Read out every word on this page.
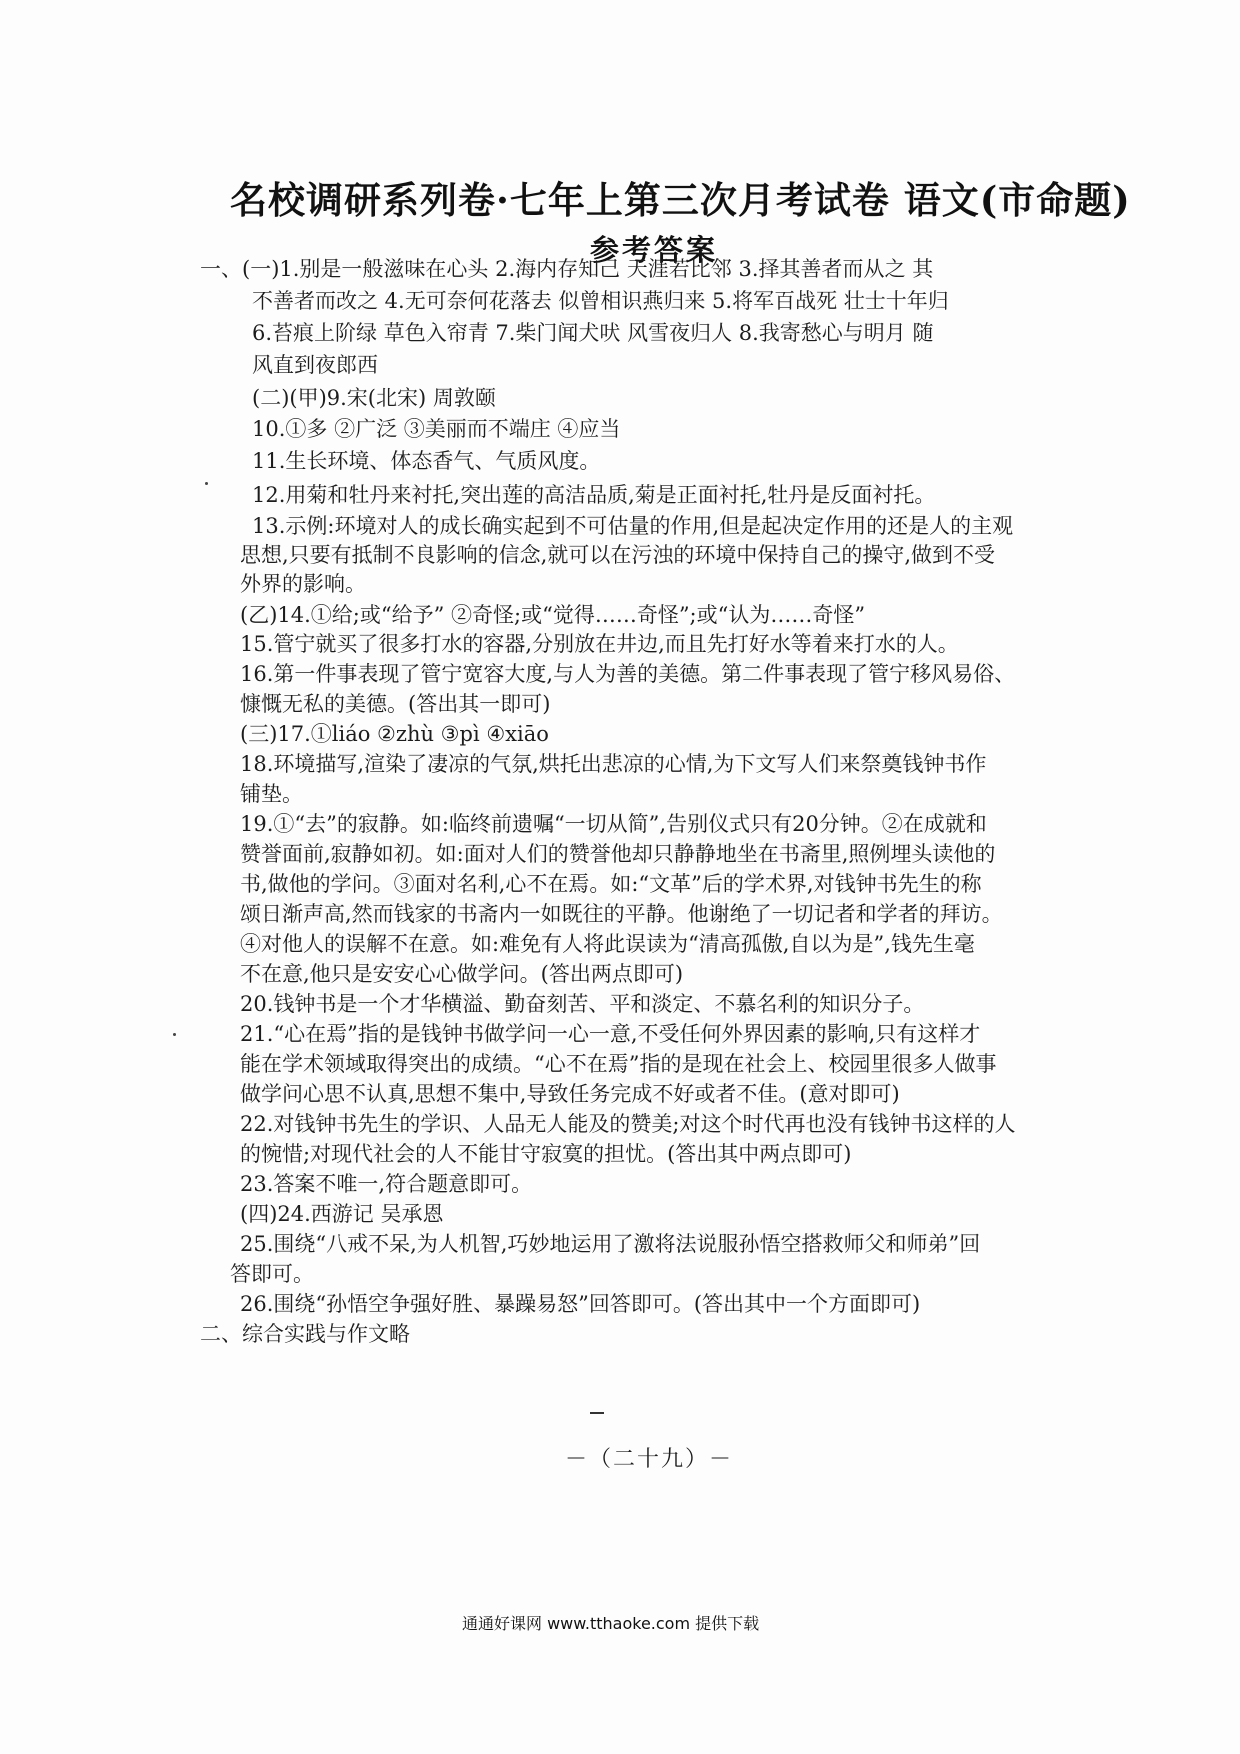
名校调研系列卷·七年上第三次月考试卷 语文(市命题)
参考答案
一、(一)1.别是一般滋味在心头 2.海内存知己 天涯若比邻 3.择其善者而从之 其
不善者而改之 4.无可奈何花落去 似曾相识燕归来 5.将军百战死 壮士十年归
6.苔痕上阶绿 草色入帘青 7.柴门闻犬吠 风雪夜归人 8.我寄愁心与明月 随
风直到夜郎西
(二)(甲)9.宋(北宋) 周敦颐
10.①多 ②广泛 ③美丽而不端庄 ④应当
11.生长环境、体态香气、气质风度。
12.用菊和牡丹来衬托,突出莲的高洁品质,菊是正面衬托,牡丹是反面衬托。
13.示例:环境对人的成长确实起到不可估量的作用,但是起决定作用的还是人的主观
思想,只要有抵制不良影响的信念,就可以在污浊的环境中保持自己的操守,做到不受
外界的影响。
(乙)14.①给;或“给予” ②奇怪;或“觉得……奇怪”;或“认为……奇怪”
15.管宁就买了很多打水的容器,分别放在井边,而且先打好水等着来打水的人。
16.第一件事表现了管宁宽容大度,与人为善的美德。第二件事表现了管宁移风易俗、
慷慨无私的美德。(答出其一即可)
(三)17.①liáo ②zhù ③pì ④xiāo
18.环境描写,渲染了凄凉的气氛,烘托出悲凉的心情,为下文写人们来祭奠钱钟书作
铺垫。
19.①“去”的寂静。如:临终前遗嘱“一切从简”,告别仪式只有20分钟。②在成就和
赞誉面前,寂静如初。如:面对人们的赞誉他却只静静地坐在书斋里,照例埋头读他的
书,做他的学问。③面对名利,心不在焉。如:“文革”后的学术界,对钱钟书先生的称
颂日渐声高,然而钱家的书斋内一如既往的平静。他谢绝了一切记者和学者的拜访。
④对他人的误解不在意。如:难免有人将此误读为“清高孤傲,自以为是”,钱先生毫
不在意,他只是安安心心做学问。(答出两点即可)
20.钱钟书是一个才华横溢、勤奋刻苦、平和淡定、不慕名利的知识分子。
21.“心在焉”指的是钱钟书做学问一心一意,不受任何外界因素的影响,只有这样才
能在学术领域取得突出的成绩。“心不在焉”指的是现在社会上、校园里很多人做事
做学问心思不认真,思想不集中,导致任务完成不好或者不佳。(意对即可)
22.对钱钟书先生的学识、人品无人能及的赞美;对这个时代再也没有钱钟书这样的人
的惋惜;对现代社会的人不能甘守寂寞的担忧。(答出其中两点即可)
23.答案不唯一,符合题意即可。
(四)24.西游记 吴承恩
25.围绕“八戒不呆,为人机智,巧妙地运用了激将法说服孙悟空搭救师父和师弟”回
答即可。
26.围绕“孙悟空争强好胜、暴躁易怒”回答即可。(答出其中一个方面即可)
二、综合实践与作文略
－（二十九）－
通通好课网 www.tthaoke.com 提供下载
